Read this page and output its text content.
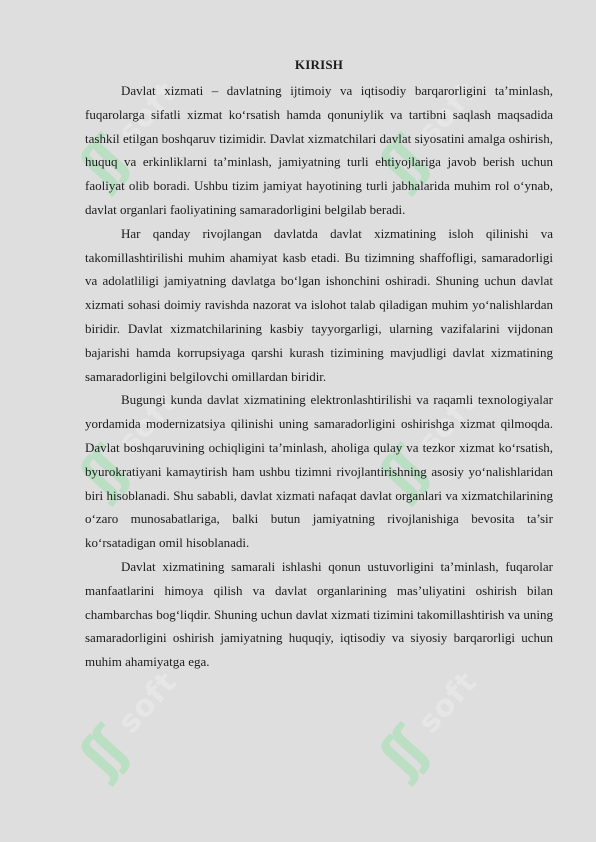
ʃʃ
soft
ʃʃ
soft
ʃʃ
soft
ʃʃ
soft
ʃʃ
soft
ʃʃ
soft
KIRISH

Davlat xizmati – davlatning ijtimoiy va iqtisodiy barqarorligini ta’minlash, fuqarolarga sifatli xizmat ko‘rsatish hamda qonuniylik va tartibni saqlash maqsadida tashkil etilgan boshqaruv tizimidir. Davlat xizmatchilari davlat siyosatini amalga oshirish, huquq va erkinliklarni ta’minlash, jamiyatning turli ehtiyojlariga javob berish uchun faoliyat olib boradi. Ushbu tizim jamiyat hayotining turli jabhalarida muhim rol o‘ynab, davlat organlari faoliyatining samaradorligini belgilab beradi.

Har qanday rivojlangan davlatda davlat xizmatining isloh qilinishi va takomillashtirilishi muhim ahamiyat kasb etadi. Bu tizimning shaffofligi, samaradorligi va adolatliligi jamiyatning davlatga bo‘lgan ishonchini oshiradi. Shuning uchun davlat xizmati sohasi doimiy ravishda nazorat va islohot talab qiladigan muhim yo‘nalishlardan biridir. Davlat xizmatchilarining kasbiy tayyorgarligi, ularning vazifalarini vijdonan bajarishi hamda korrupsiyaga qarshi kurash tizimining mavjudligi davlat xizmatining samaradorligini belgilovchi omillardan biridir.

Bugungi kunda davlat xizmatining elektronlashtirilishi va raqamli texnologiyalar yordamida modernizatsiya qilinishi uning samaradorligini oshirishga xizmat qilmoqda. Davlat boshqaruvining ochiqligini ta’minlash, aholiga qulay va tezkor xizmat ko‘rsatish, byurokratiyani kamaytirish ham ushbu tizimni rivojlantirishning asosiy yo‘nalishlaridan biri hisoblanadi. Shu sababli, davlat xizmati nafaqat davlat organlari va xizmatchilarining o‘zaro munosabatlariga, balki butun jamiyatning rivojlanishiga bevosita ta’sir ko‘rsatadigan omil hisoblanadi.

Davlat xizmatining samarali ishlashi qonun ustuvorligini ta’minlash, fuqarolar manfaatlarini himoya qilish va davlat organlarining mas’uliyatini oshirish bilan chambarchas bog‘liqdir. Shuning uchun davlat xizmati tizimini takomillashtirish va uning samaradorligini oshirish jamiyatning huquqiy, iqtisodiy va siyosiy barqarorligi uchun muhim ahamiyatga ega.
